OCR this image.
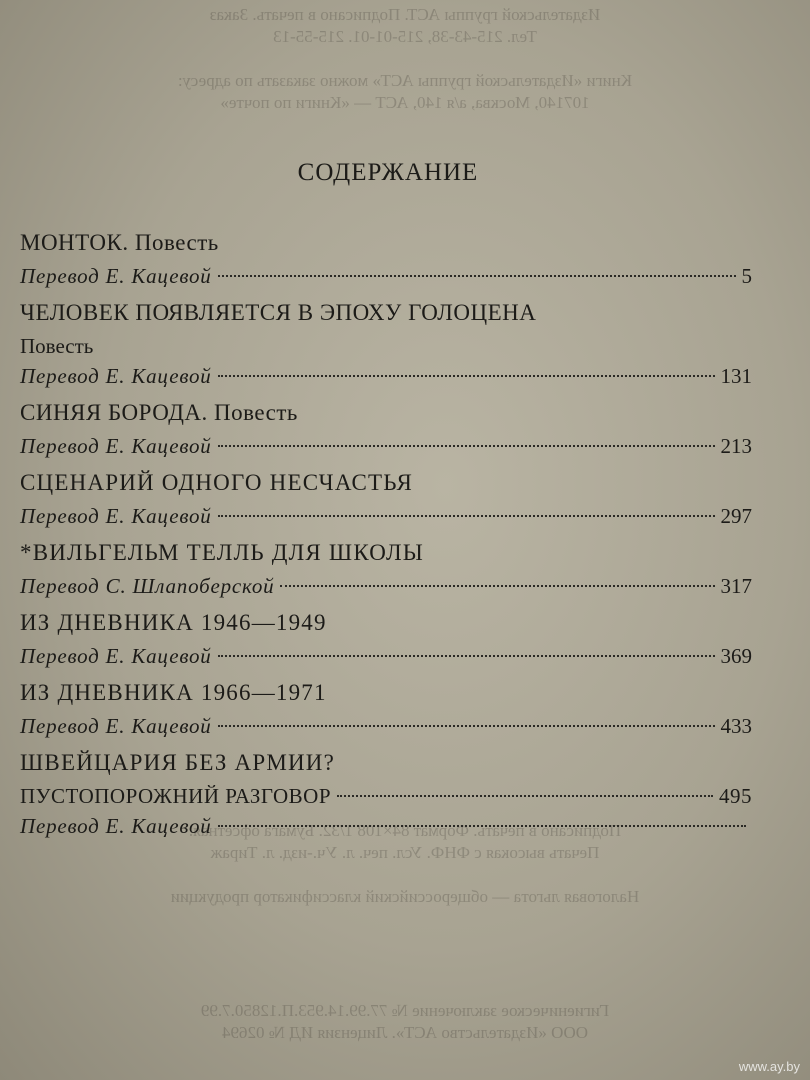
Издательской группы АСТ. Подписано в печать. Заказ
Тел. 215-43-38, 215-01-01. 215-55-13

Книги «Издательской группы АСТ» можно заказать по адресу:
107140, Москва, а/я 140, АСТ — «Книги по почте»
Подписано в печать. Формат 84×108 1/32. Бумага офсетная.
Печать высокая с ФНФ. Усл. печ. л. Уч.-изд. л. Тираж

Налоговая льгота — общероссийский классификатор продукции
Гигиеническое заключение № 77.99.14.953.П.12850.7.99
ООО «Издательство АСТ». Лицензия ИД № 02694
СОДЕРЖАНИЕ
МОНТОК. Повесть
Перевод Е. Кацевой	5
ЧЕЛОВЕК ПОЯВЛЯЕТСЯ В ЭПОХУ ГОЛОЦЕНА
Повесть
Перевод Е. Кацевой	131
СИНЯЯ БОРОДА. Повесть
Перевод Е. Кацевой	213
СЦЕНАРИЙ ОДНОГО НЕСЧАСТЬЯ
Перевод Е. Кацевой	297
*ВИЛЬГЕЛЬМ ТЕЛЛЬ ДЛЯ ШКОЛЫ
Перевод С. Шлапоберской	317
ИЗ ДНЕВНИКА 1946—1949
Перевод Е. Кацевой	369
ИЗ ДНЕВНИКА 1966—1971
Перевод Е. Кацевой	433
ШВЕЙЦАРИЯ БЕЗ АРМИИ?
ПУСТОПОРОЖНИЙ РАЗГОВОР	495
Перевод Е. Кацевой
www.ay.by
